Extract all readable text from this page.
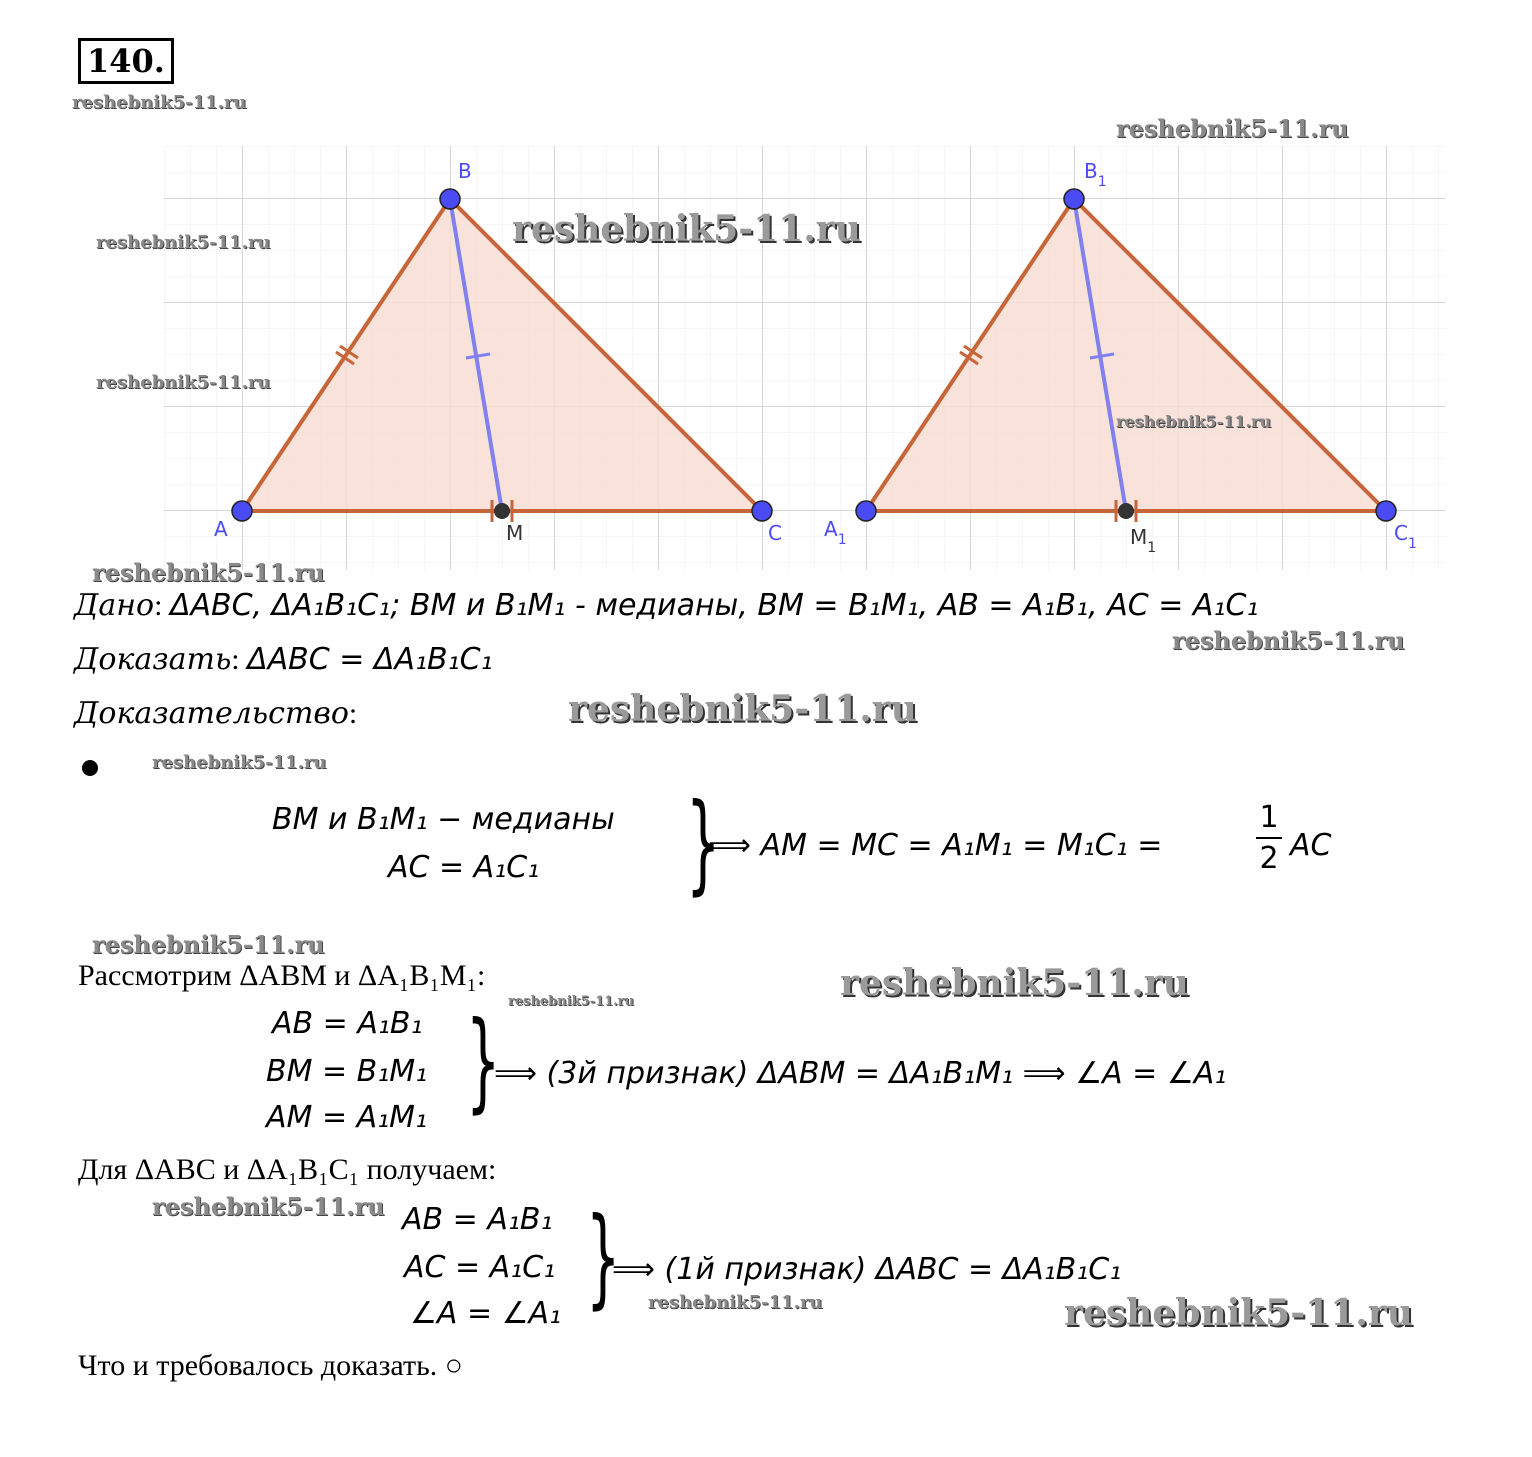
140.
reshebnik5-11.ru
reshebnik5-11.ru
B
A	C
M
$B_1$
$A_1$	$C_1$
$M_1$
reshebnik5-11.ru
reshebnik5-11.ru
reshebnik5-11.ru
reshebnik5-11.ru
reshebnik5-11.ru
Дано: ΔABC, ΔA₁B₁C₁; BM и B₁M₁ - медианы, BM = B₁M₁, AB = A₁B₁, AC = A₁C₁
reshebnik5-11.ru
Доказать: ΔABC = ΔA₁B₁C₁
Доказательство:	reshebnik5-11.ru
reshebnik5-11.ru
BM и B₁M₁ − медианы
AC = A₁C₁ }
⟹ AM = MC = A₁M₁ = M₁C₁ =
1
2 AC
reshebnik5-11.ru
Рассмотрим ΔABM и ΔA₁B₁M₁:
reshebnik5-11.ru	reshebnik5-11.ru
AB = A₁B₁
BM = B₁M₁
AM = A₁M₁ }
⟹ (3й признак) ΔABM = ΔA₁B₁M₁ ⟹ ∠A = ∠A₁
Для ΔABC и ΔA₁B₁C₁ получаем:
reshebnik5-11.ru AB = A₁B₁
AC = A₁C₁
∠A = ∠A₁ }
⟹ (1й признак) ΔABC = ΔA₁B₁C₁
reshebnik5-11.ru	reshebnik5-11.ru
Что и требовалось доказать. ○
